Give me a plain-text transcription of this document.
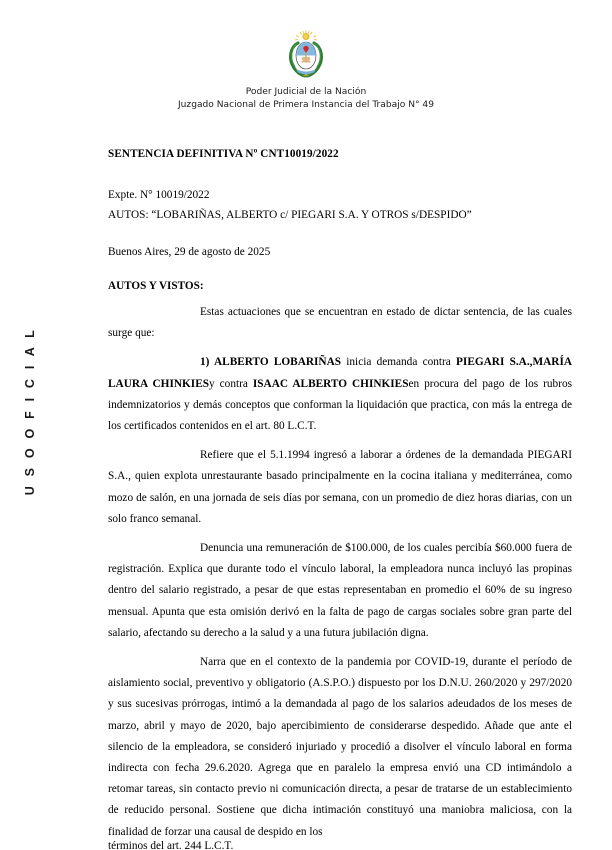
U S O O F I C I A L
Poder Judicial de la Nación
Juzgado Nacional de Primera Instancia del Trabajo N° 49
SENTENCIA DEFINITIVA Nº CNT10019/2022

Expte. N° 10019/2022

AUTOS: “LOBARIÑAS, ALBERTO c/ PIEGARI S.A. Y OTROS s/DESPIDO”

Buenos Aires, 29 de agosto de 2025

AUTOS Y VISTOS:

Estas actuaciones que se encuentran en estado de dictar sentencia, de las cuales surge que:

1) ALBERTO LOBARIÑAS inicia demanda contra PIEGARI S.A.,MARÍA LAURA CHINKIESy contra ISAAC ALBERTO CHINKIESen procura del pago de los rubros indemnizatorios y demás conceptos que conforman la liquidación que practica, con más la entrega de los certificados contenidos en el art. 80 L.C.T.

Refiere que el 5.1.1994 ingresó a laborar a órdenes de la demandada PIEGARI S.A., quien explota unrestaurante basado principalmente en la cocina italiana y mediterránea, como mozo de salón, en una jornada de seis días por semana, con un promedio de diez horas diarias, con un solo franco semanal.

Denuncia una remuneración de $100.000, de los cuales percibía $60.000 fuera de registración. Explica que durante todo el vínculo laboral, la empleadora nunca incluyó las propinas dentro del salario registrado, a pesar de que estas representaban en promedio el 60% de su ingreso mensual. Apunta que esta omisión derivó en la falta de pago de cargas sociales sobre gran parte del salario, afectando su derecho a la salud y a una futura jubilación digna.

Narra que en el contexto de la pandemia por COVID-19, durante el período de aislamiento social, preventivo y obligatorio (A.S.P.O.) dispuesto por los D.N.U. 260/2020 y 297/2020 y sus sucesivas prórrogas, intimó a la demandada al pago de los salarios adeudados de los meses de marzo, abril y mayo de 2020, bajo apercibimiento de considerarse despedido. Añade que ante el silencio de la empleadora, se consideró injuriado y procedió a disolver el vínculo laboral en forma indirecta con fecha 29.6.2020. Agrega que en paralelo la empresa envió una CD intimándolo a retomar tareas, sin contacto previo ni comunicación directa, a pesar de tratarse de un establecimiento de reducido personal. Sostiene que dicha intimación constituyó una maniobra maliciosa, con la finalidad de forzar una causal de despido en los

términos del art. 244 L.C.T.
